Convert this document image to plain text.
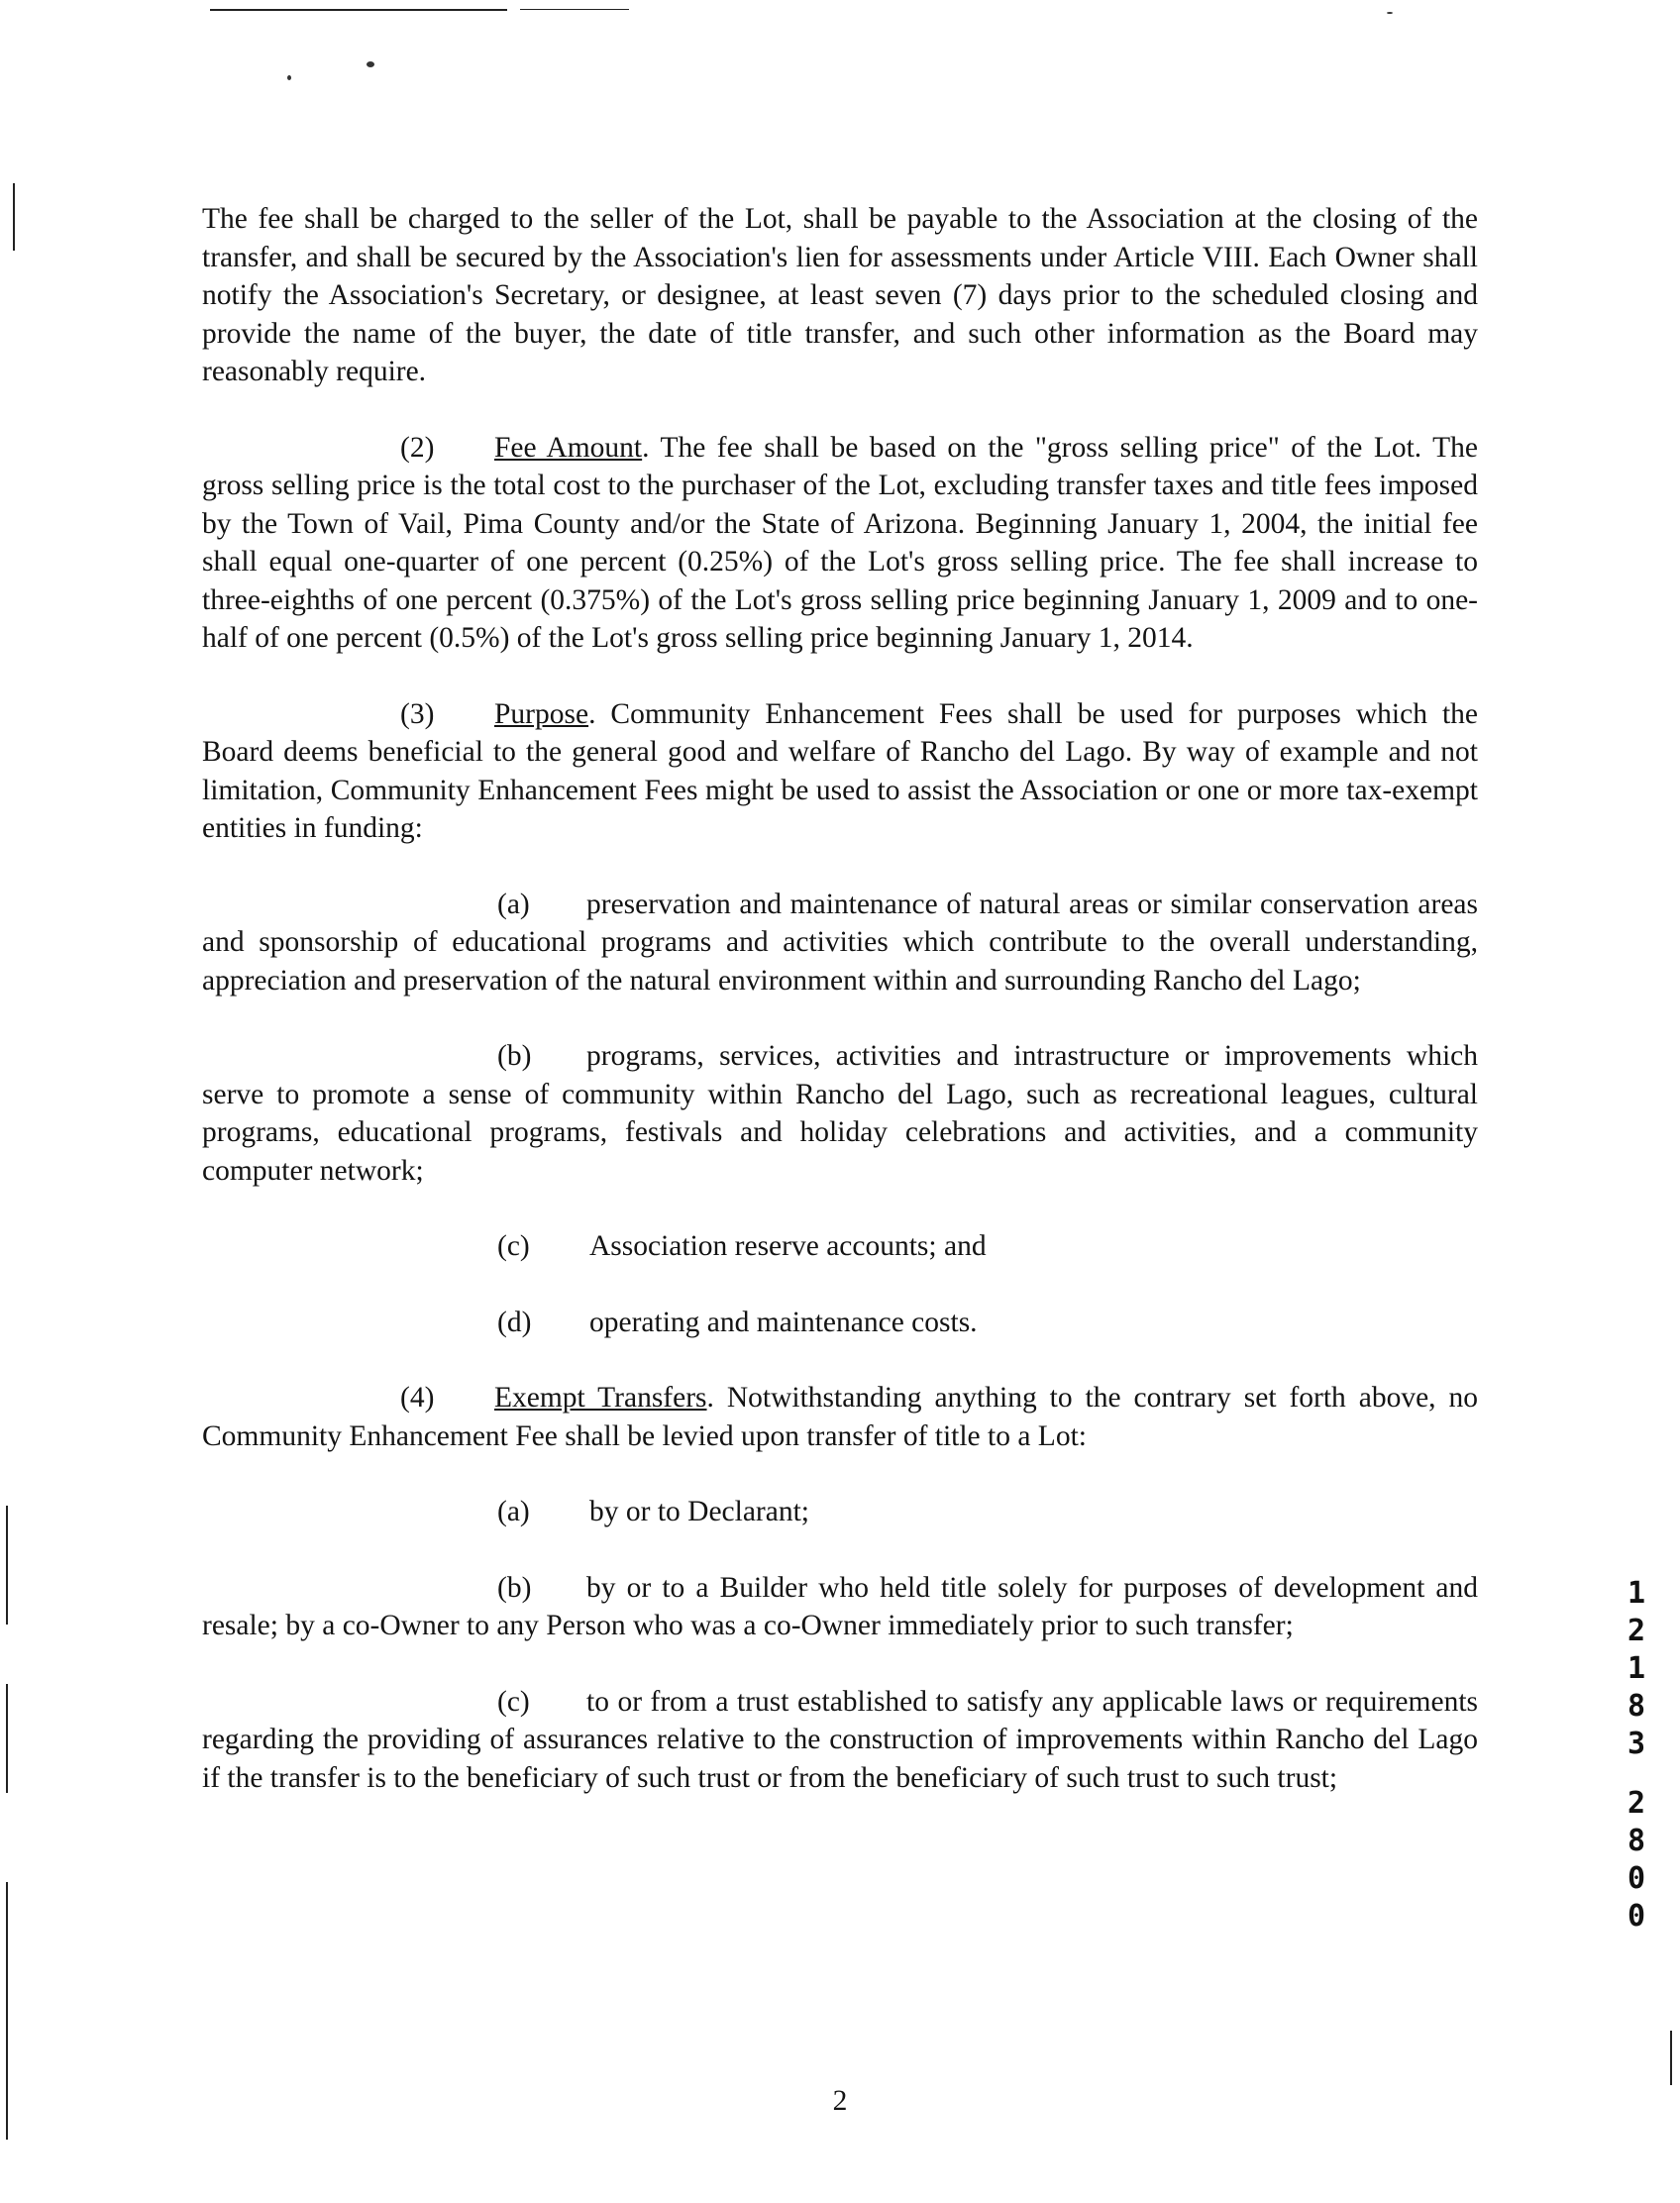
The fee shall be charged to the seller of the Lot, shall be payable to the Association at the closing of the transfer, and shall be secured by the Association's lien for assessments under Article VIII. Each Owner shall notify the Association's Secretary, or designee, at least seven (7) days prior to the scheduled closing and provide the name of the buyer, the date of title transfer, and such other information as the Board may reasonably require.

(2) Fee Amount. The fee shall be based on the "gross selling price" of the Lot. The gross selling price is the total cost to the purchaser of the Lot, excluding transfer taxes and title fees imposed by the Town of Vail, Pima County and/or the State of Arizona. Beginning January 1, 2004, the initial fee shall equal one-quarter of one percent (0.25%) of the Lot's gross selling price. The fee shall increase to three-eighths of one percent (0.375%) of the Lot's gross selling price beginning January 1, 2009 and to one-half of one percent (0.5%) of the Lot's gross selling price beginning January 1, 2014.

(3) Purpose. Community Enhancement Fees shall be used for purposes which the Board deems beneficial to the general good and welfare of Rancho del Lago. By way of example and not limitation, Community Enhancement Fees might be used to assist the Association or one or more tax-exempt entities in funding:

(a) preservation and maintenance of natural areas or similar conservation areas and sponsorship of educational programs and activities which contribute to the overall understanding, appreciation and preservation of the natural environment within and surrounding Rancho del Lago;

(b) programs, services, activities and intrastructure or improvements which serve to promote a sense of community within Rancho del Lago, such as recreational leagues, cultural programs, educational programs, festivals and holiday celebrations and activities, and a community computer network;

(c) Association reserve accounts; and

(d) operating and maintenance costs.

(4) Exempt Transfers. Notwithstanding anything to the contrary set forth above, no Community Enhancement Fee shall be levied upon transfer of title to a Lot:

(a) by or to Declarant;

(b) by or to a Builder who held title solely for purposes of development and resale; by a co-Owner to any Person who was a co-Owner immediately prior to such transfer;

(c) to or from a trust established to satisfy any applicable laws or requirements regarding the providing of assurances relative to the construction of improvements within Rancho del Lago if the transfer is to the beneficiary of such trust or from the beneficiary of such trust to such trust;

1
2
1
8
3
2
8
0
0
2
